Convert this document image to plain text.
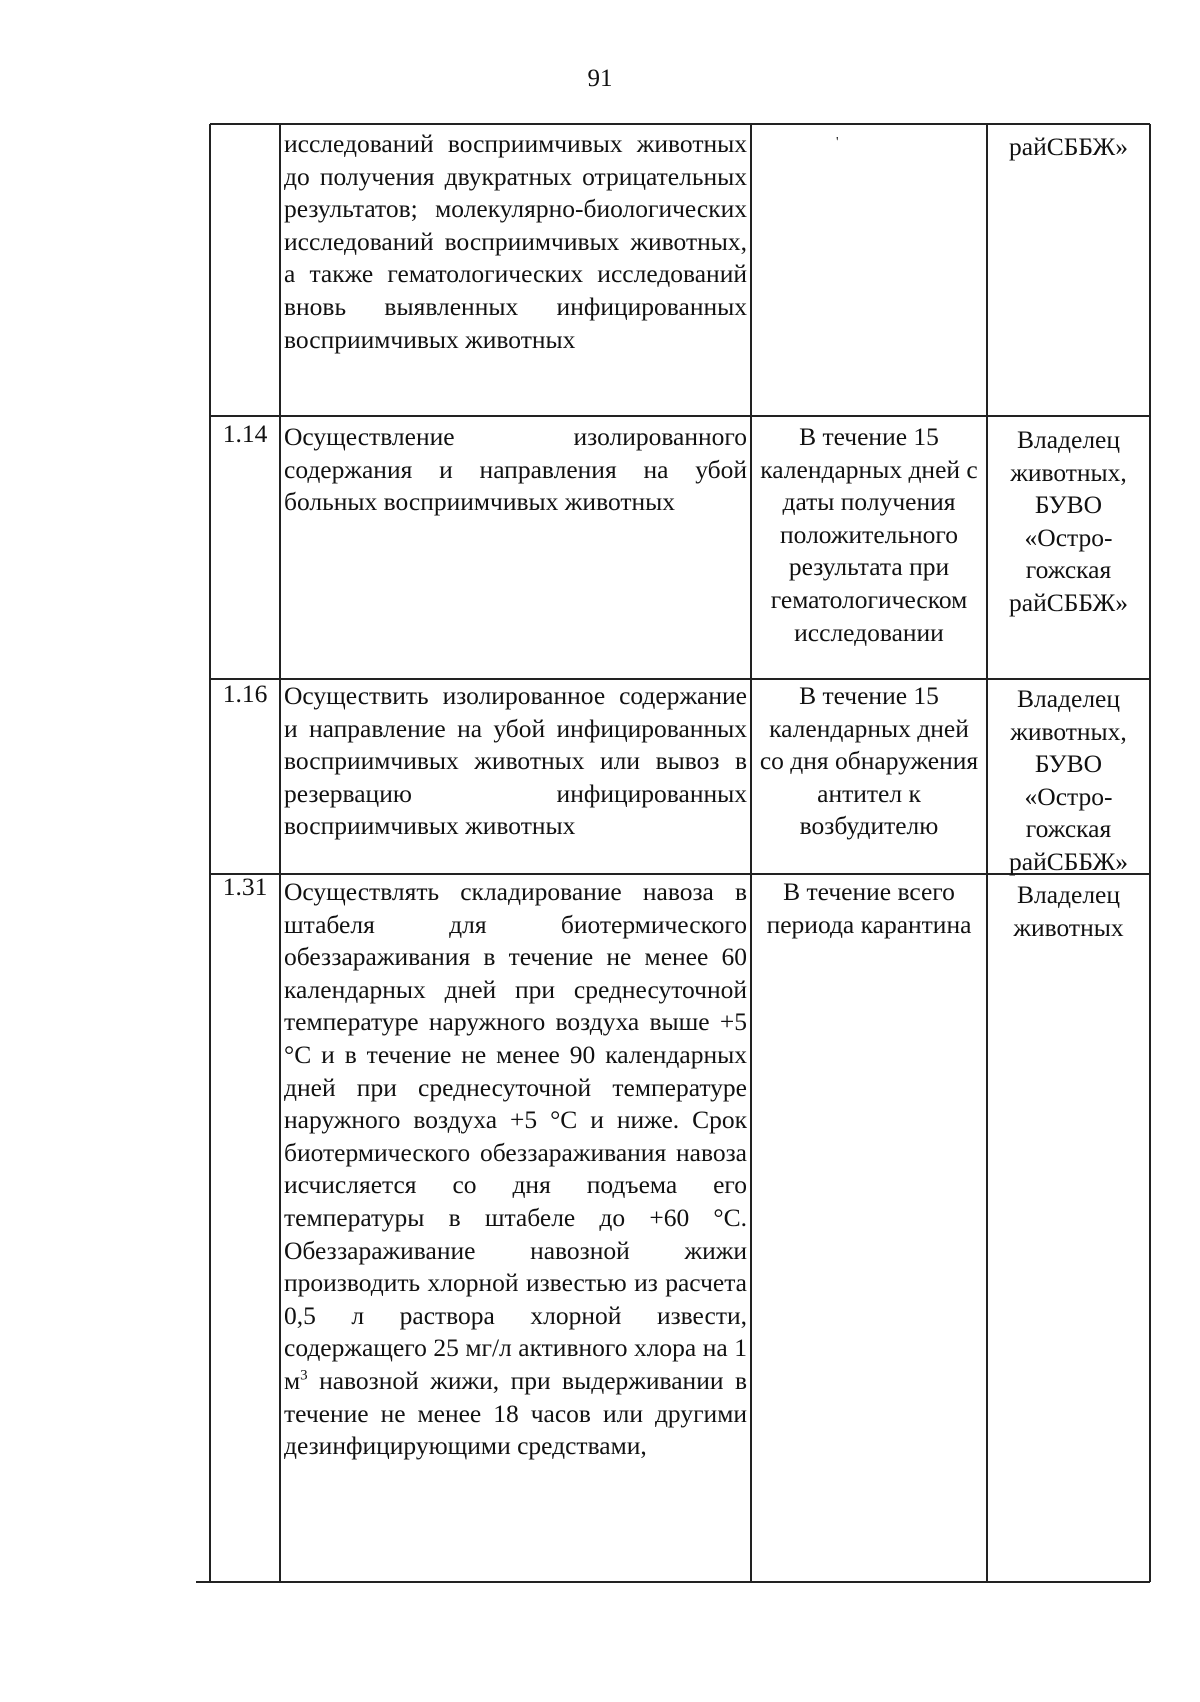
91
'
исследований восприимчивых животных до получения двукратных отрицательных результатов; молекулярно-биологических исследований восприимчивых животных, а также гематологических исследований вновь выявленных инфицированных восприимчивых животных
райСББЖ»
1.14 Осуществление изолированного содержания и направления на убой больных восприимчивых животных
В течение 15 календарных дней с даты получения положительного результата при гематологическом исследовании
Владелец животных, БУВО «Остро-гожская райСББЖ»
1.16 Осуществить изолированное содержание и направление на убой инфицированных восприимчивых животных или вывоз в резервацию инфицированных восприимчивых животных
В течение 15 календарных дней со дня обнаружения антител к возбудителю
Владелец животных, БУВО «Остро-гожская райСББЖ»
1.31 Осуществлять складирование навоза в штабеля для биотермического обеззараживания в течение не менее 60 календарных дней при среднесуточной температуре наружного воздуха выше +5 °С и в течение не менее 90 календарных дней при среднесуточной температуре наружного воздуха +5 °С и ниже. Срок биотермического обеззараживания навоза исчисляется со дня подъема его температуры в штабеле до +60 °С. Обеззараживание навозной жижи производить хлорной известью из расчета 0,5 л раствора хлорной извести, содержащего 25 мг/л активного хлора на 1 $м^3$ навозной жижи, при выдерживании в течение не менее 18 часов или другими дезинфицирующими средствами,
В течение всего периода карантина
Владелец животных
